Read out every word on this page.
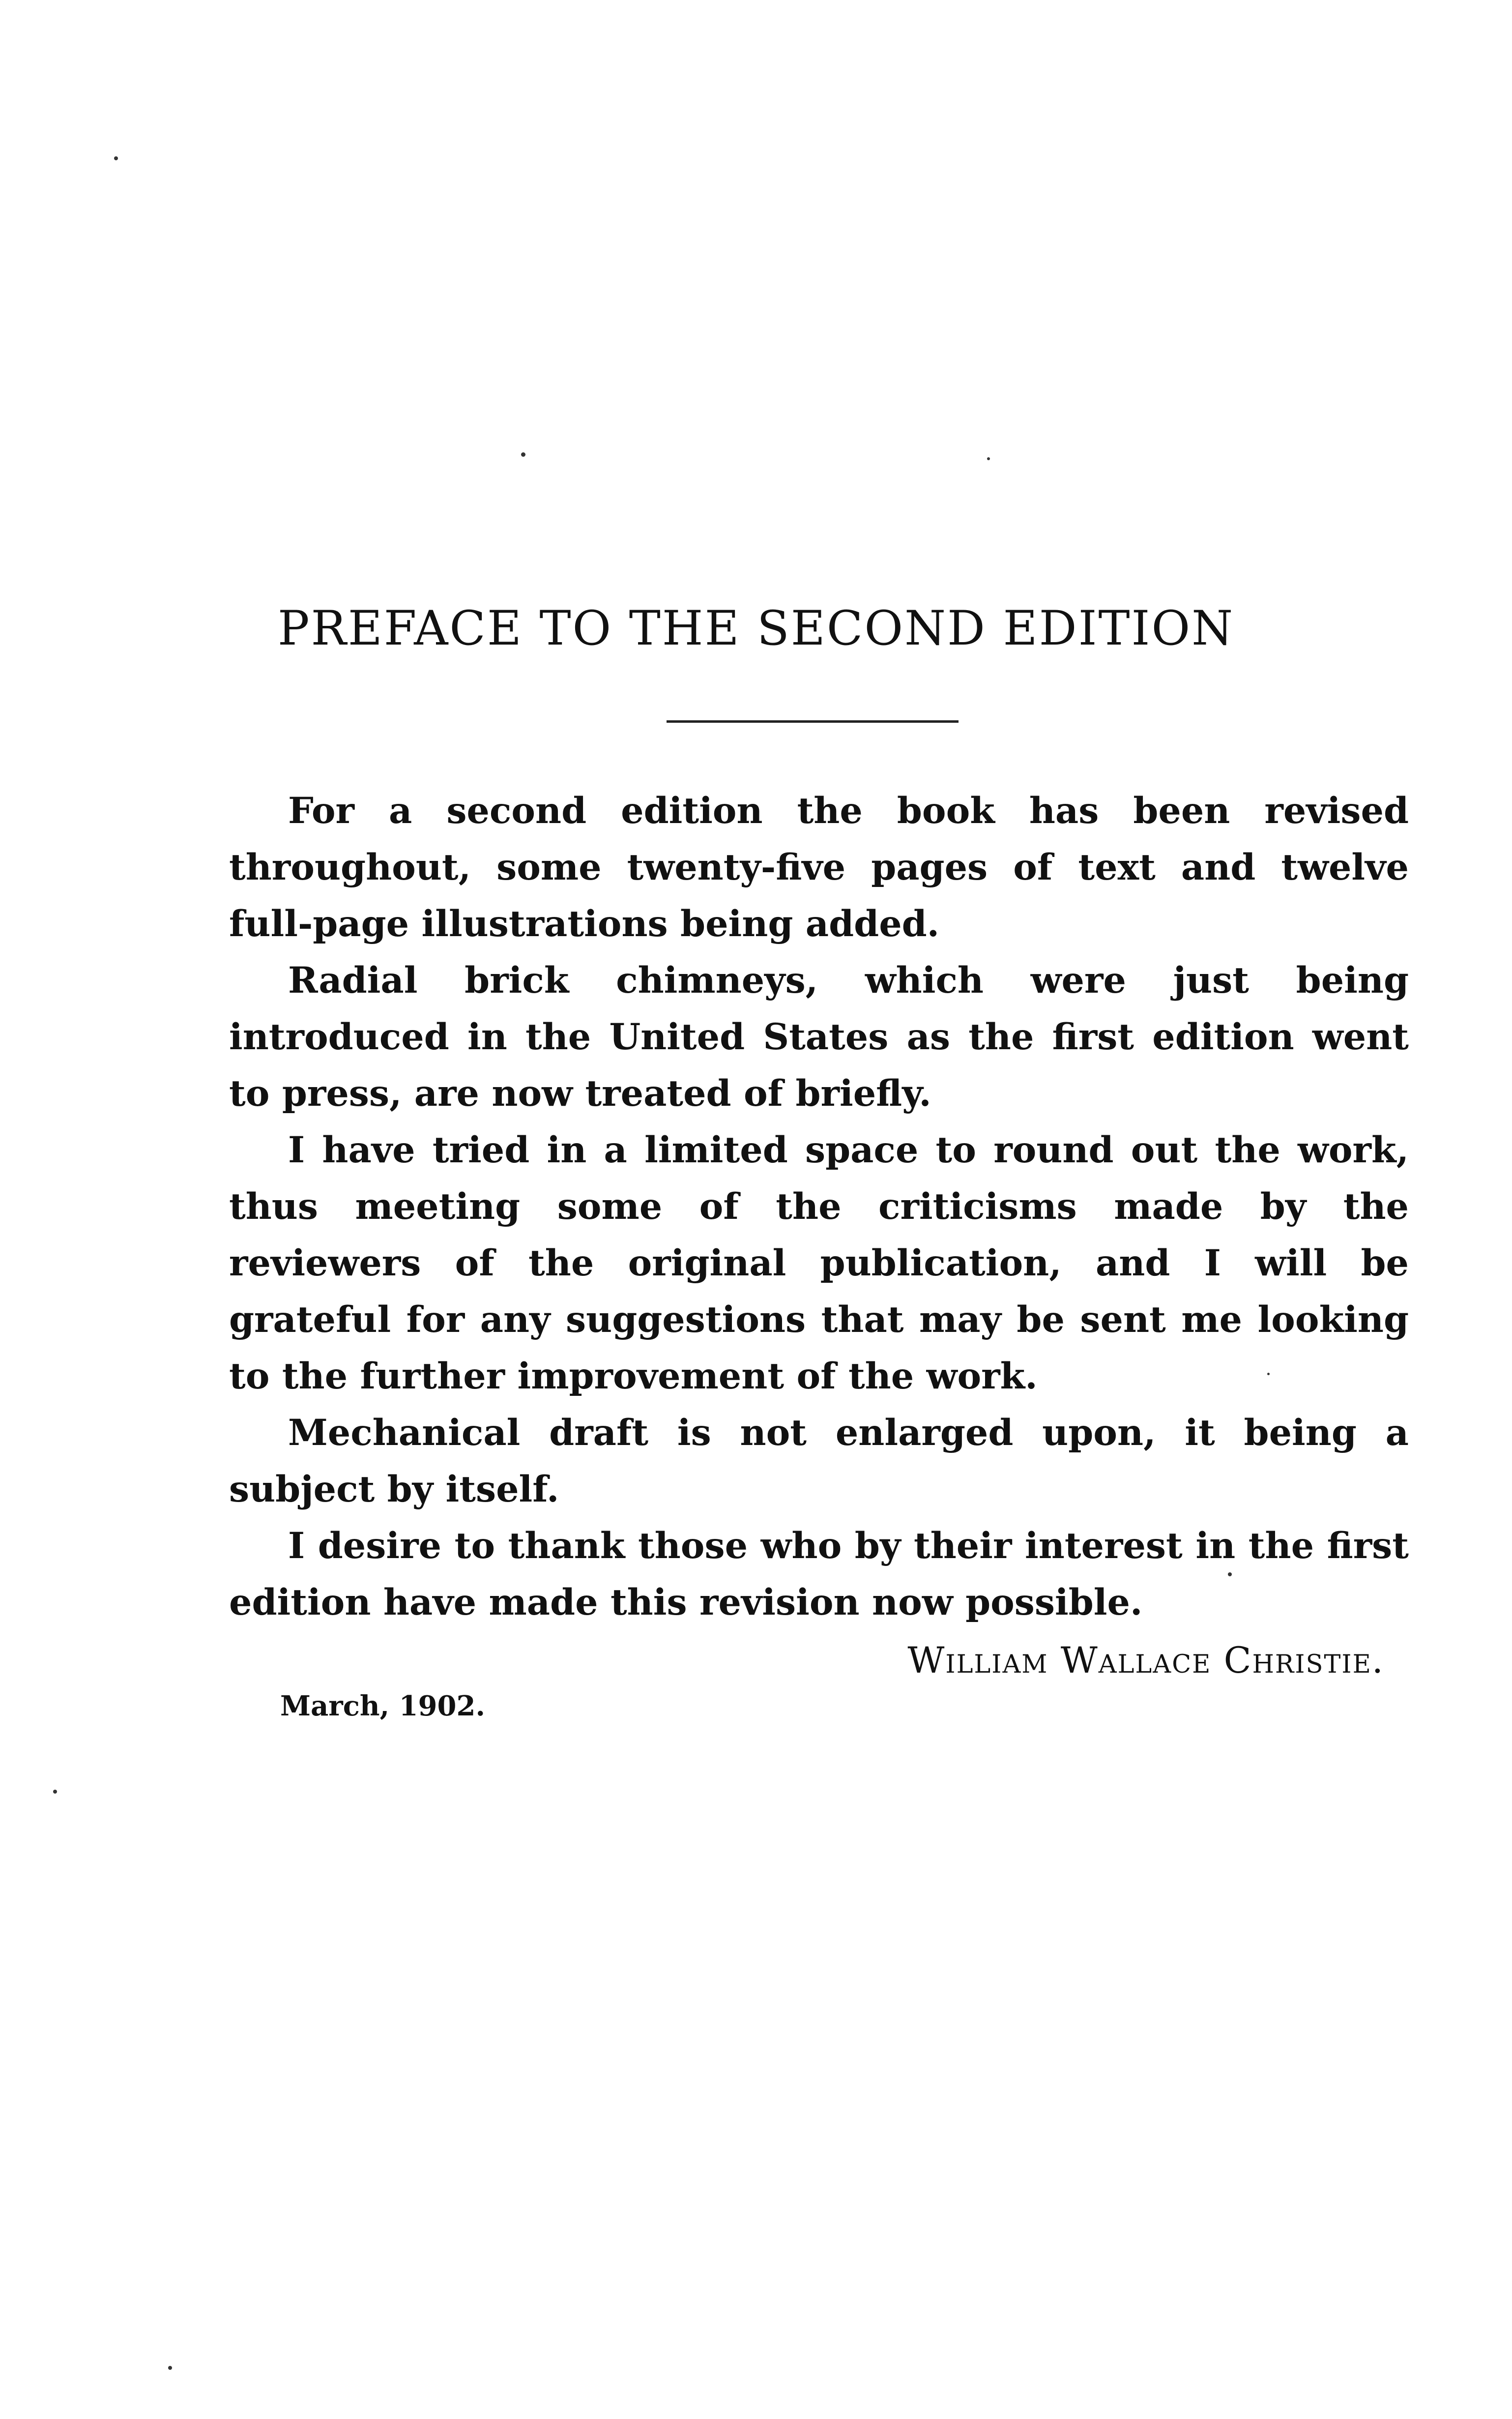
PREFACE TO THE SECOND EDITION

For a second edition the book has been revised throughout, some twenty-five pages of text and twelve full-page illustrations being added.

Radial brick chimneys, which were just being introduced in the United States as the first edition went to press, are now treated of briefly.

I have tried in a limited space to round out the work, thus meeting some of the criticisms made by the reviewers of the original publication, and I will be grateful for any suggestions that may be sent me looking to the further improvement of the work.

Mechanical draft is not enlarged upon, it being a subject by itself.

I desire to thank those who by their interest in the first edition have made this revision now possible.

William Wallace Christie.
March, 1902.
